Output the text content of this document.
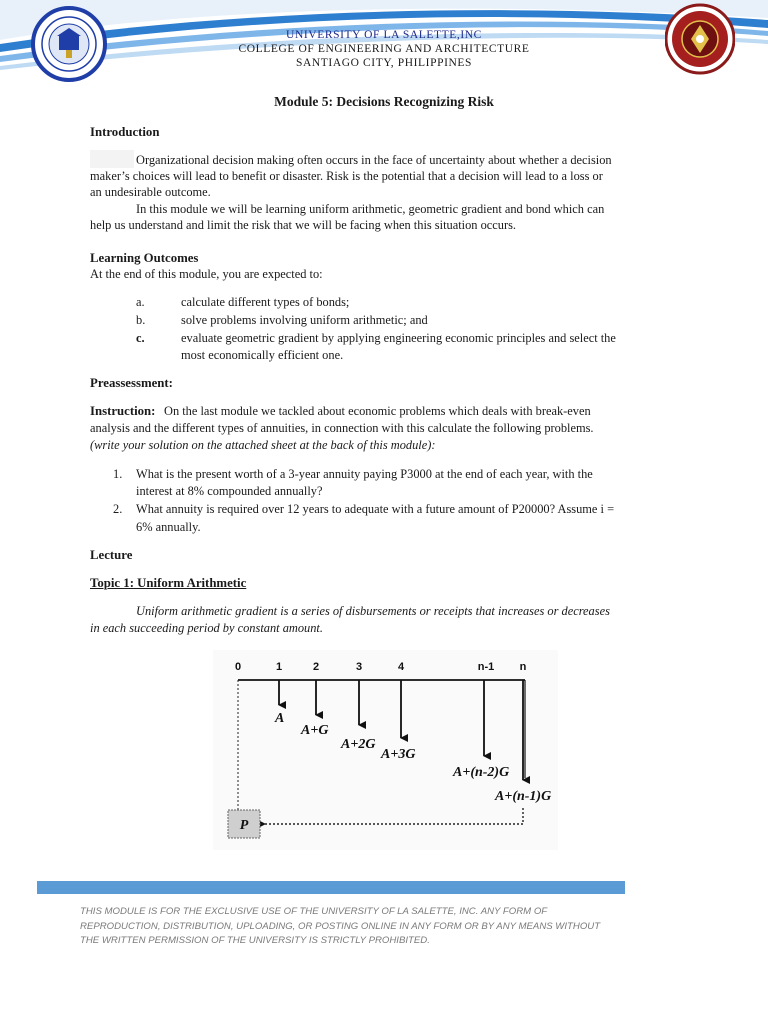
UNIVERSITY OF LA SALETTE,INC
COLLEGE OF ENGINEERING AND ARCHITECTURE
SANTIAGO CITY, PHILIPPINES
Module 5: Decisions Recognizing Risk
Introduction
Organizational decision making often occurs in the face of uncertainty about whether a decision
maker’s choices will lead to benefit or disaster. Risk is the potential that a decision will lead to a loss or
an undesirable outcome.
In this module we will be learning uniform arithmetic, geometric gradient and bond which can
help us understand and limit the risk that we will be facing when this situation occurs.
Learning Outcomes
At the end of this module, you are expected to:
a.	calculate different types of bonds;
b.	solve problems involving uniform arithmetic; and
c.	evaluate geometric gradient by applying engineering economic principles and select the
most economically efficient one.
Preassessment:
Instruction: On the last module we tackled about economic problems which deals with break-even
analysis and the different types of annuities, in connection with this calculate the following problems.
(write your solution on the attached sheet at the back of this module):
1. What is the present worth of a 3-year annuity paying P3000 at the end of each year, with the
interest at 8% compounded annually?
2. What annuity is required over 12 years to adequate with a future amount of P20000? Assume i =
6% annually.
Lecture
Topic 1: Uniform Arithmetic
Uniform arithmetic gradient is a series of disbursements or receipts that increases or decreases
in each succeeding period by constant amount.
0	1	2	3	4	n-1 n
A
A+G
A+2G
A+3G
A+(n-2)G
A+(n-1)G
P
THIS MODULE IS FOR THE EXCLUSIVE USE OF THE UNIVERSITY OF LA SALETTE, INC. ANY FORM OF
REPRODUCTION, DISTRIBUTION, UPLOADING, OR POSTING ONLINE IN ANY FORM OR BY ANY MEANS WITHOUT
THE WRITTEN PERMISSION OF THE UNIVERSITY IS STRICTLY PROHIBITED.
